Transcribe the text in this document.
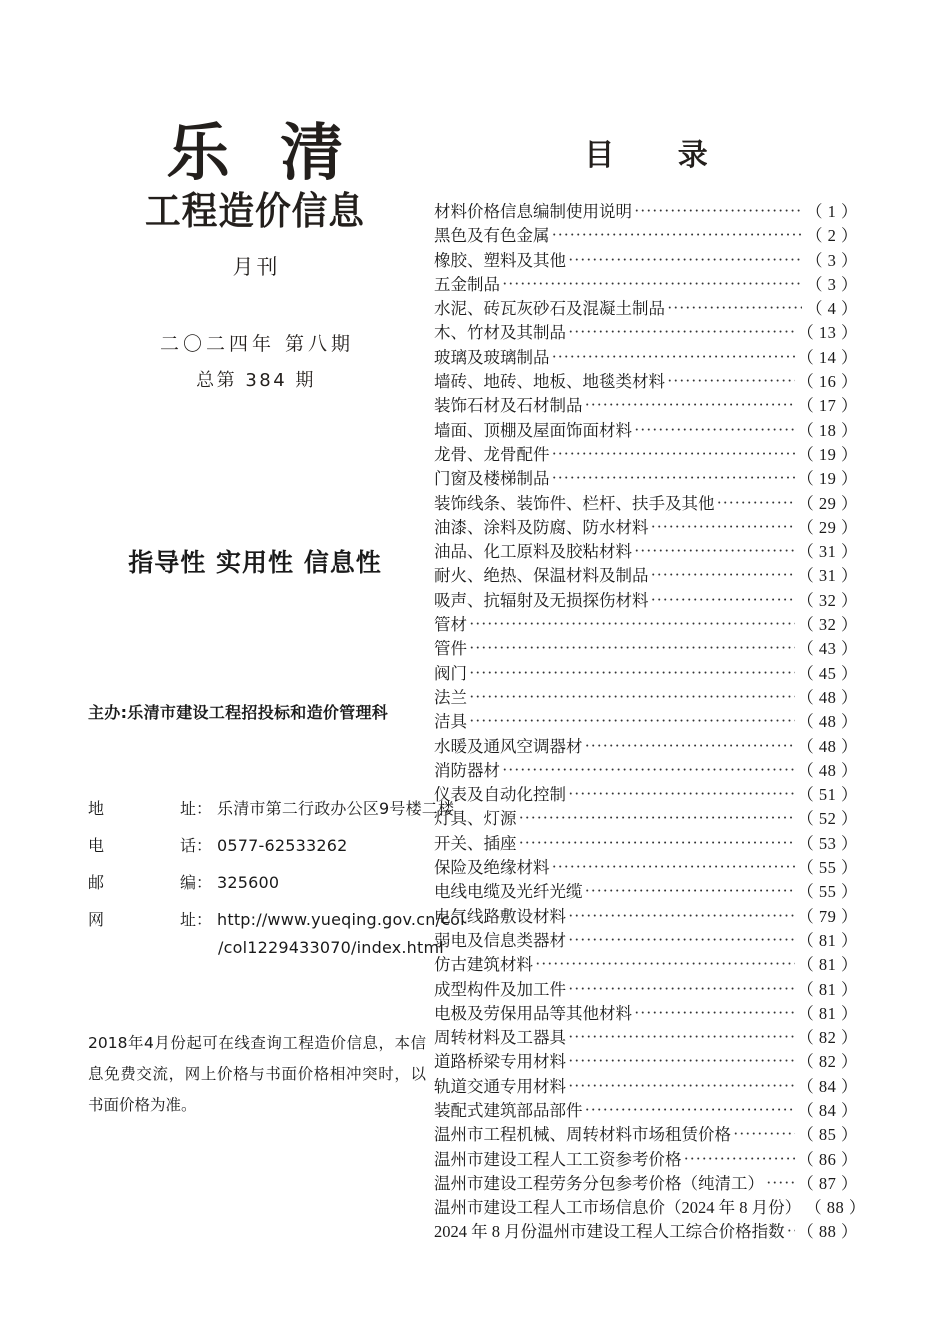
乐 清
工程造价信息
月刊
二〇二四年 第八期
总第 384 期
指导性 实用性 信息性
主办:乐清市建设工程招投标和造价管理科
地	址： 乐清市第二行政办公区9号楼二楼
电	话： 0577-62533262
邮	编： 325600
网	址： http://www.yueqing.gov.cn/col
/col1229433070/index.html
2018年4月份起可在线查询工程造价信息，本信息免费交流，网上价格与书面价格相冲突时，以书面价格为准。
目 录
材料价格信息编制使用说明 ·····	（ 1 ）
黑色及有色金属 ·····	（ 2 ）
橡胶、塑料及其他 ·····	（ 3 ）
五金制品 ·····	（ 3 ）
水泥、砖瓦灰砂石及混凝土制品 ·····	（ 4 ）
木、竹材及其制品 ·····	（ 13 ）
玻璃及玻璃制品 ·····	（ 14 ）
墙砖、地砖、地板、地毯类材料 ·····	（ 16 ）
装饰石材及石材制品 ·····	（ 17 ）
墙面、顶棚及屋面饰面材料 ·····	（ 18 ）
龙骨、龙骨配件 ·····	（ 19 ）
门窗及楼梯制品 ·····	（ 19 ）
装饰线条、装饰件、栏杆、扶手及其他 ·····	（ 29 ）
油漆、涂料及防腐、防水材料 ·····	（ 29 ）
油品、化工原料及胶粘材料 ·····	（ 31 ）
耐火、绝热、保温材料及制品 ·····	（ 31 ）
吸声、抗辐射及无损探伤材料 ·····	（ 32 ）
管材 ·····	（ 32 ）
管件 ·····	（ 43 ）
阀门 ·····	（ 45 ）
法兰 ·····	（ 48 ）
洁具 ·····	（ 48 ）
水暖及通风空调器材 ·····	（ 48 ）
消防器材 ·····	（ 48 ）
仪表及自动化控制 ·····	（ 51 ）
灯具、灯源 ·····	（ 52 ）
开关、插座 ·····	（ 53 ）
保险及绝缘材料 ·····	（ 55 ）
电线电缆及光纤光缆 ·····	（ 55 ）
电气线路敷设材料 ·····	（ 79 ）
弱电及信息类器材 ·····	（ 81 ）
仿古建筑材料 ·····	（ 81 ）
成型构件及加工件 ·····	（ 81 ）
电极及劳保用品等其他材料 ·····	（ 81 ）
周转材料及工器具 ·····	（ 82 ）
道路桥梁专用材料 ·····	（ 82 ）
轨道交通专用材料 ·····	（ 84 ）
装配式建筑部品部件 ·····	（ 84 ）
温州市工程机械、周转材料市场租赁价格 ·····	（ 85 ）
温州市建设工程人工工资参考价格 ·····	（ 86 ）
温州市建设工程劳务分包参考价格（纯清工） ····· （ 87 ）
温州市建设工程人工市场信息价（2024 年 8 月份） （ 88 ）
2024 年 8 月份温州市建设工程人工综合价格指数 ····· （ 88 ）
